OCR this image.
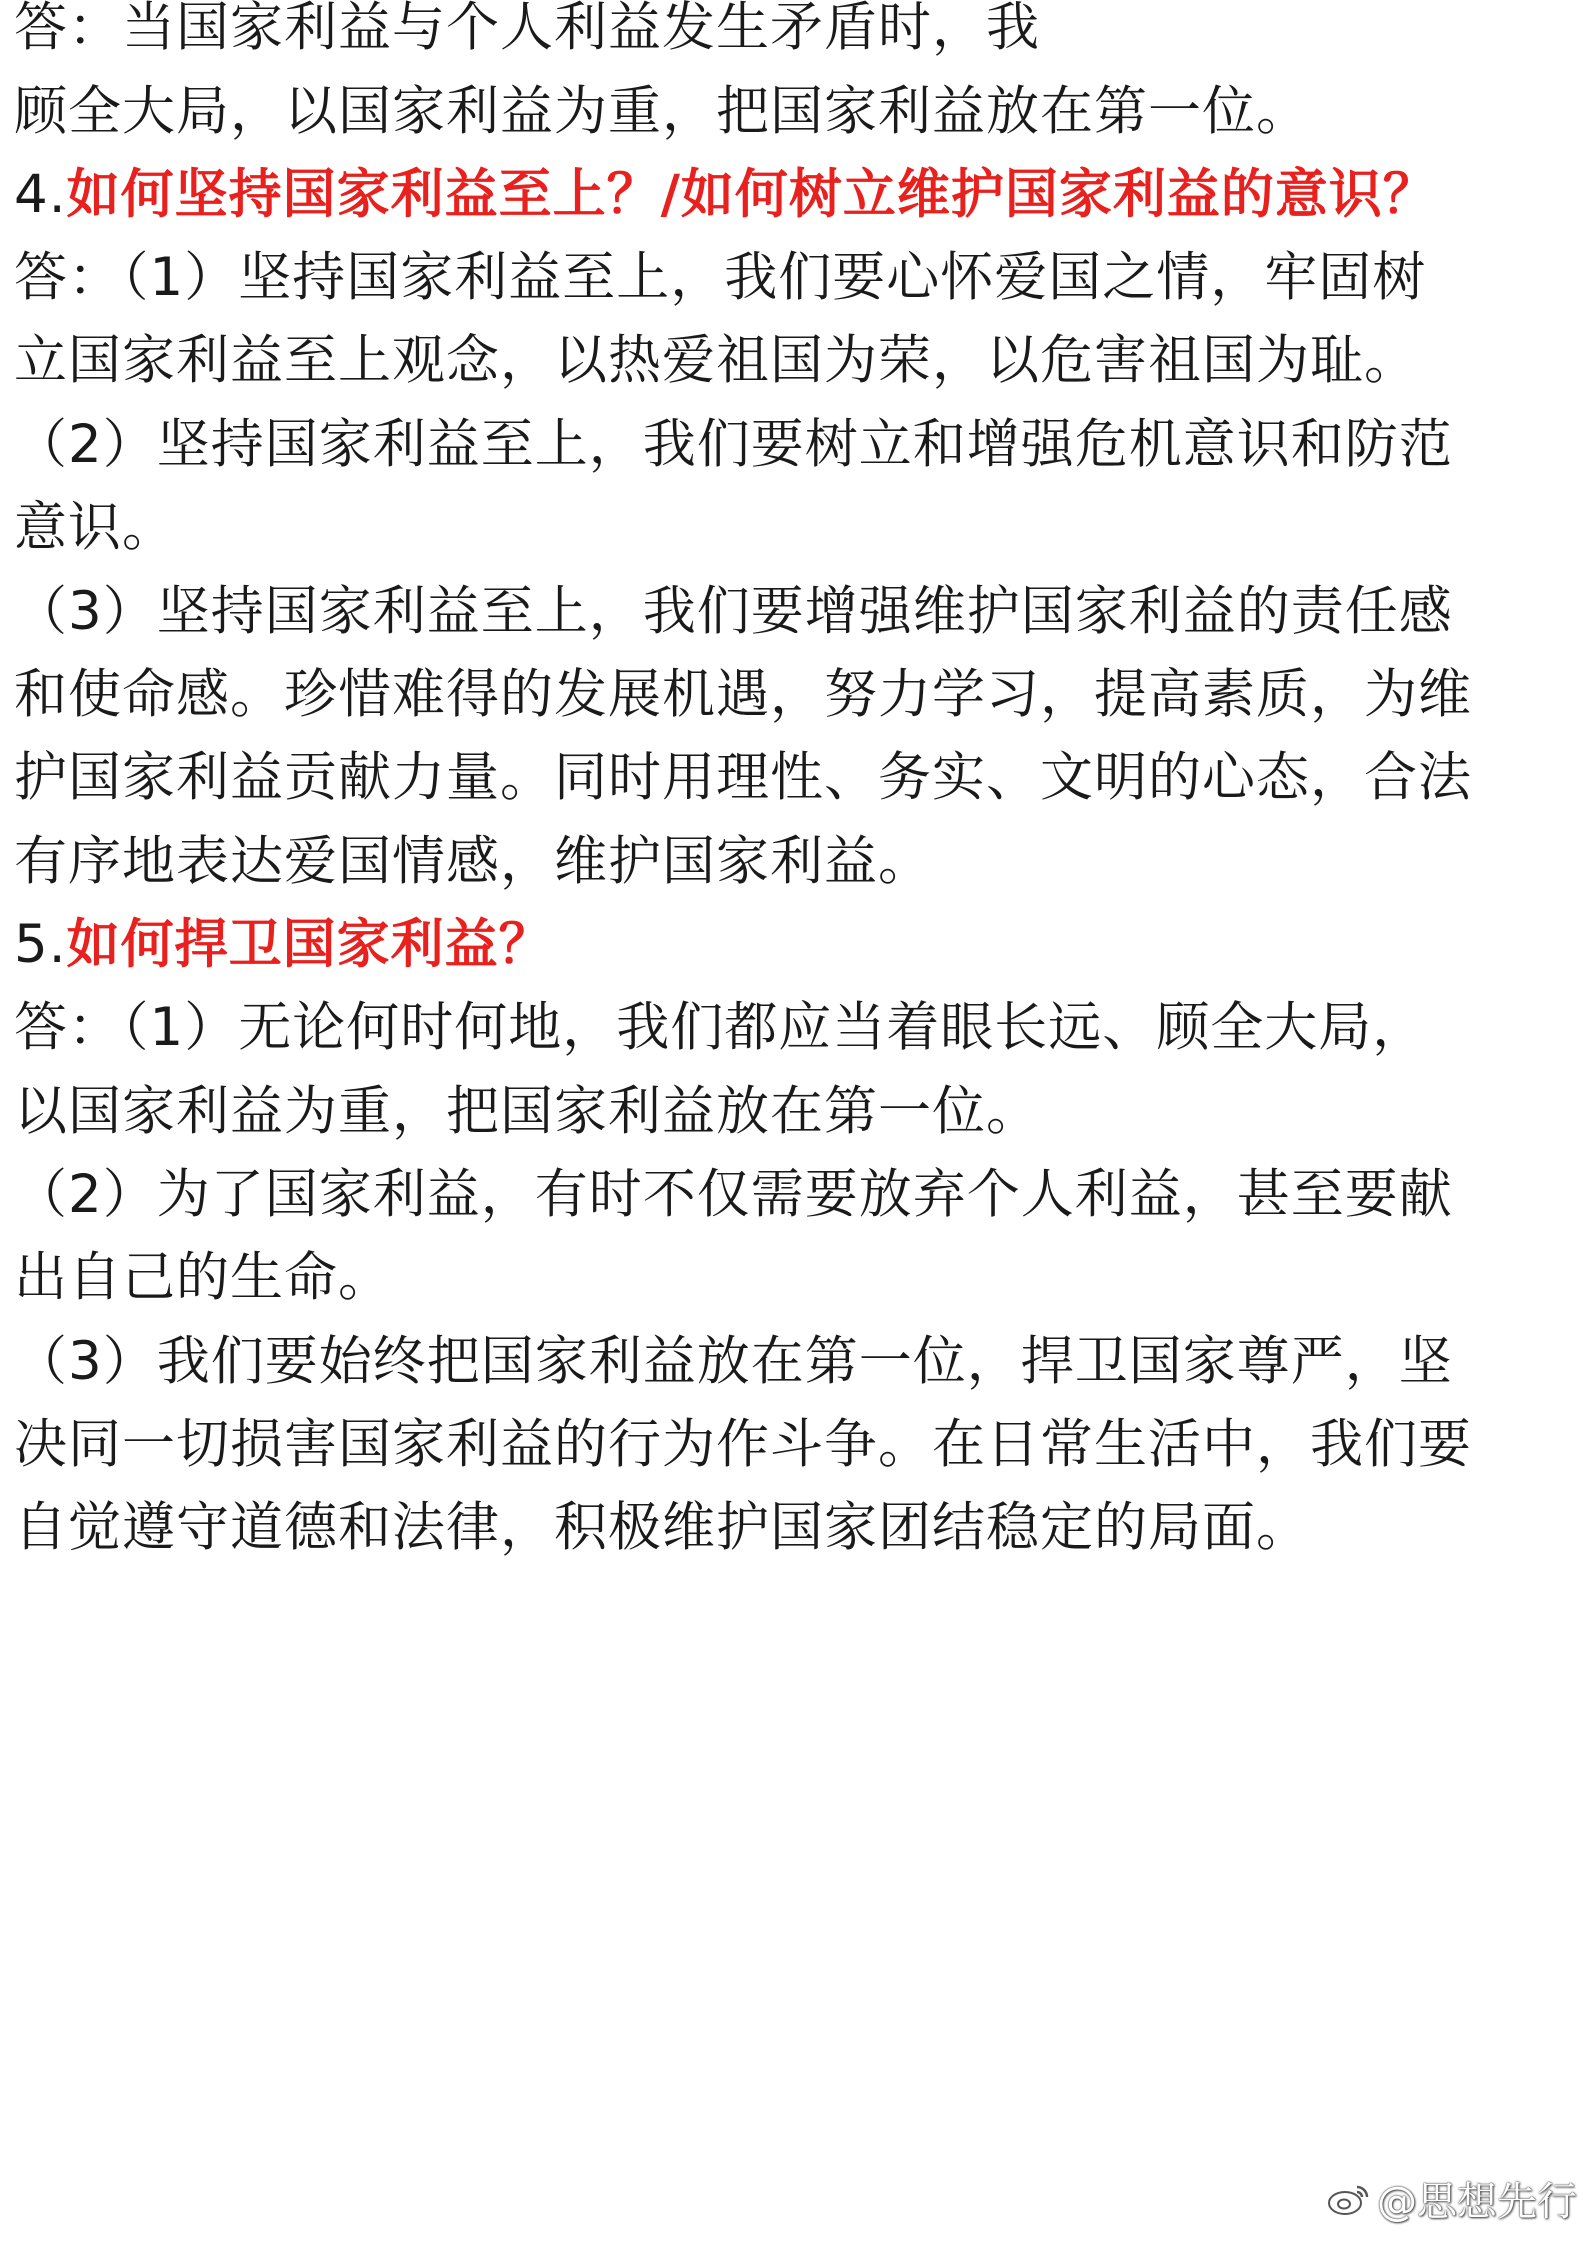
答：当国家利益与个人利益发生矛盾时，我
顾全大局，以国家利益为重，把国家利益放在第一位。
4.如何坚持国家利益至上？/如何树立维护国家利益的意识？
答：（1）坚持国家利益至上，我们要心怀爱国之情，牢固树
立国家利益至上观念，以热爱祖国为荣，以危害祖国为耻。
（2）坚持国家利益至上，我们要树立和增强危机意识和防范
意识。
（3）坚持国家利益至上，我们要增强维护国家利益的责任感
和使命感。珍惜难得的发展机遇，努力学习，提高素质，为维
护国家利益贡献力量。同时用理性、务实、文明的心态，合法
有序地表达爱国情感，维护国家利益。
5.如何捍卫国家利益？
答：（1）无论何时何地，我们都应当着眼长远、顾全大局，
以国家利益为重，把国家利益放在第一位。
（2）为了国家利益，有时不仅需要放弃个人利益，甚至要献
出自己的生命。
（3）我们要始终把国家利益放在第一位，捍卫国家尊严，坚
决同一切损害国家利益的行为作斗争。在日常生活中，我们要
自觉遵守道德和法律，积极维护国家团结稳定的局面。
@思想先行
